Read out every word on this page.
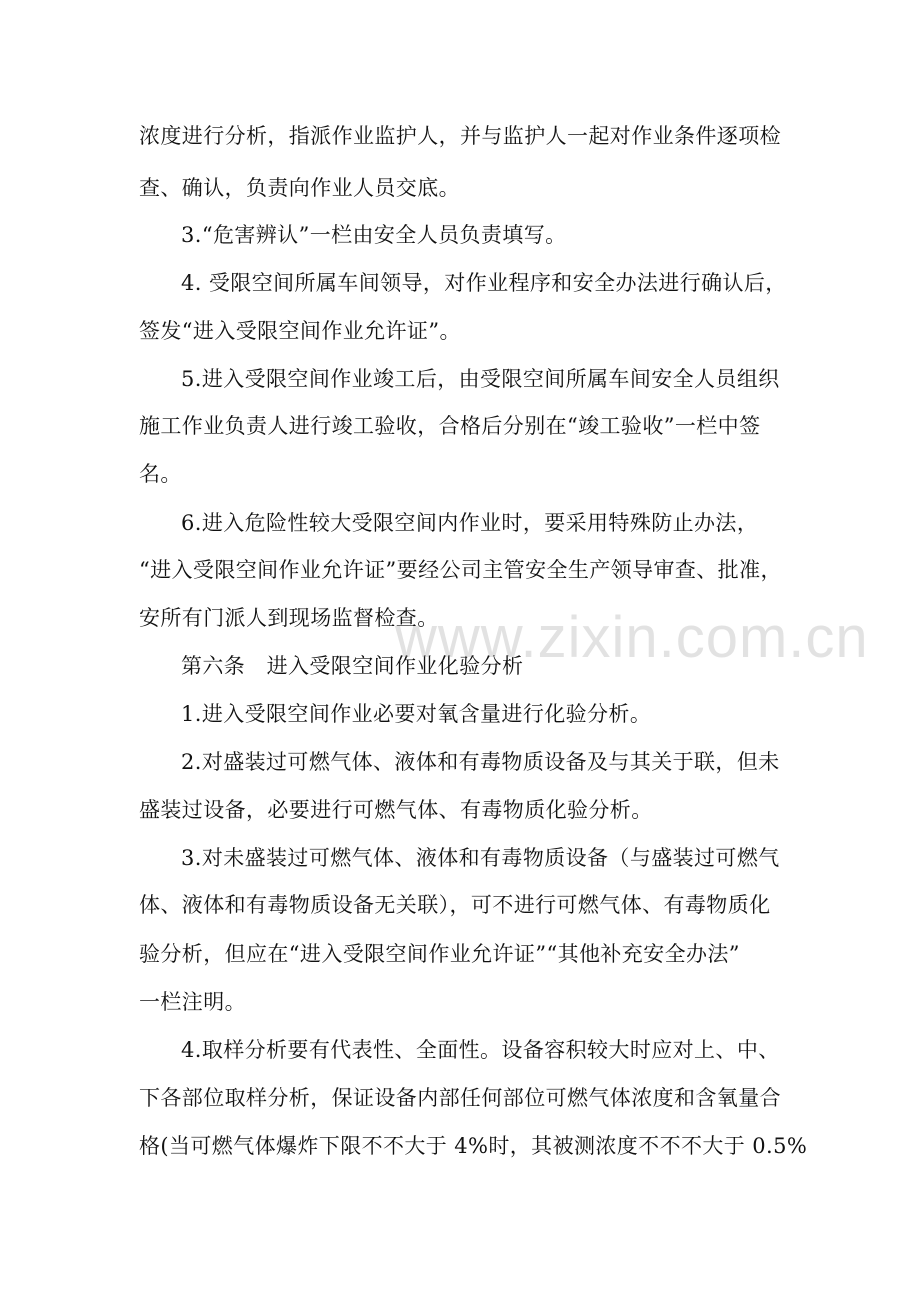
浓度进行分析，指派作业监护人，并与监护人一起对作业条件逐项检
查、确认，负责向作业人员交底。
3.“危害辨认”一栏由安全人员负责填写。
4. 受限空间所属车间领导，对作业程序和安全办法进行确认后，
签发“进入受限空间作业允许证”。
5.进入受限空间作业竣工后，由受限空间所属车间安全人员组织
施工作业负责人进行竣工验收，合格后分别在“竣工验收”一栏中签
名。
6.进入危险性较大受限空间内作业时，要采用特殊防止办法，
“进入受限空间作业允许证”要经公司主管安全生产领导审查、批准，
安所有门派人到现场监督检查。
第六条　进入受限空间作业化验分析
1.进入受限空间作业必要对氧含量进行化验分析。
2.对盛装过可燃气体、液体和有毒物质设备及与其关于联，但未
盛装过设备，必要进行可燃气体、有毒物质化验分析。
3.对未盛装过可燃气体、液体和有毒物质设备（与盛装过可燃气
体、液体和有毒物质设备无关联），可不进行可燃气体、有毒物质化
验分析，但应在“进入受限空间作业允许证”“其他补充安全办法”
一栏注明。
4.取样分析要有代表性、全面性。设备容积较大时应对上、中、
下各部位取样分析，保证设备内部任何部位可燃气体浓度和含氧量合
格(当可燃气体爆炸下限不不大于 4%时，其被测浓度不不不大于 0.5%
www.zixin.com.cn
